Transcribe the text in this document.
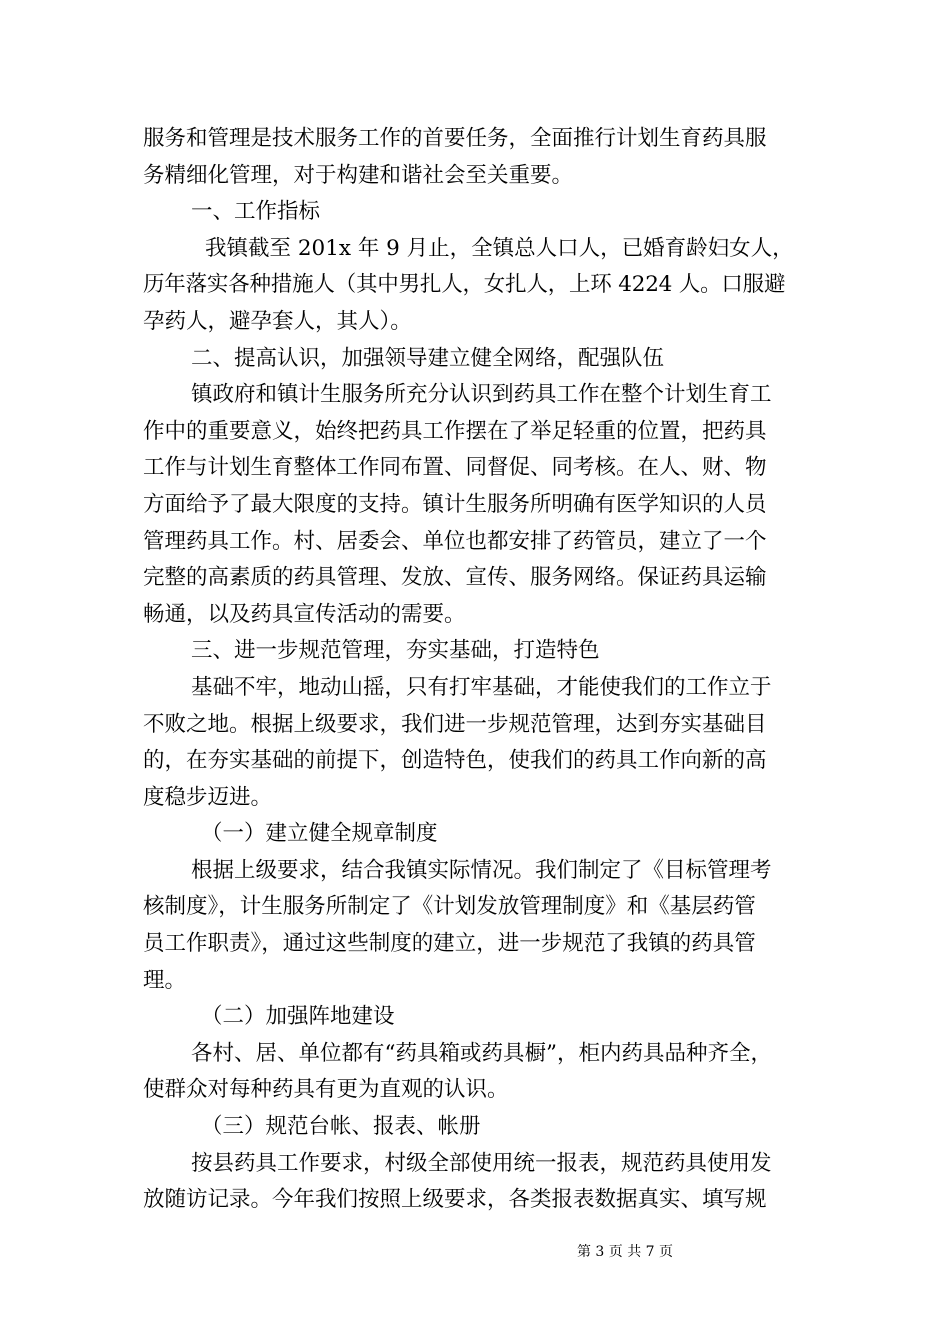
服务和管理是技术服务工作的首要任务，全面推行计划生育药具服
务精细化管理，对于构建和谐社会至关重要。
一、工作指标
我镇截至 201x 年 9 月止，全镇总人口人，已婚育龄妇女人，
历年落实各种措施人（其中男扎人，女扎人，上环 4224 人。口服避
孕药人，避孕套人，其人）。
二、提高认识，加强领导建立健全网络，配强队伍
镇政府和镇计生服务所充分认识到药具工作在整个计划生育工
作中的重要意义，始终把药具工作摆在了举足轻重的位置，把药具
工作与计划生育整体工作同布置、同督促、同考核。在人、财、物
方面给予了最大限度的支持。镇计生服务所明确有医学知识的人员
管理药具工作。村、居委会、单位也都安排了药管员，建立了一个
完整的高素质的药具管理、发放、宣传、服务网络。保证药具运输
畅通，以及药具宣传活动的需要。
三、进一步规范管理，夯实基础，打造特色
基础不牢，地动山摇，只有打牢基础，才能使我们的工作立于
不败之地。根据上级要求，我们进一步规范管理，达到夯实基础目
的，在夯实基础的前提下，创造特色，使我们的药具工作向新的高
度稳步迈进。
（一）建立健全规章制度
根据上级要求，结合我镇实际情况。我们制定了《目标管理考
核制度》，计生服务所制定了《计划发放管理制度》和《基层药管
员工作职责》，通过这些制度的建立，进一步规范了我镇的药具管
理。
（二）加强阵地建设
各村、居、单位都有“药具箱或药具橱”，柜内药具品种齐全，
使群众对每种药具有更为直观的认识。
（三）规范台帐、报表、帐册
按县药具工作要求，村级全部使用统一报表，规范药具使用发
放随访记录。今年我们按照上级要求，各类报表数据真实、填写规
第 3 页 共 7 页
